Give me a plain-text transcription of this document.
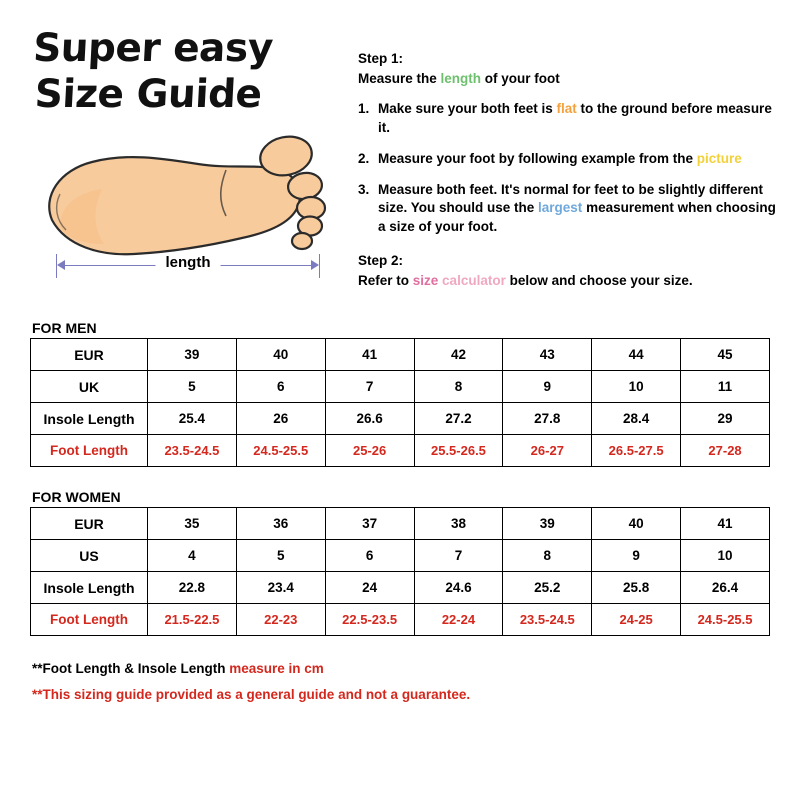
Super easy
Size Guide
length

Step 1:

Measure the length of your foot

1. Make sure your both feet is flat to the ground before measure it.
2. Measure your foot by following example from the picture
3. Measure both feet. It's normal for feet to be slightly different size. You should use the largest measurement when choosing a size of your foot.

Step 2:

Refer to size calculator below and choose your size.

FOR MEN
EUR	39	40	41	42	43	44	45
UK	5	6	7	8	9	10	11
Insole Length	25.4	26	26.6	27.2	27.8	28.4	29
Foot Length	23.5-24.5	24.5-25.5	25-26	25.5-26.5	26-27	26.5-27.5	27-28
FOR WOMEN
EUR	35	36	37	38	39	40	41
US	4	5	6	7	8	9	10
Insole Length	22.8	23.4	24	24.6	25.2	25.8	26.4
Foot Length	21.5-22.5	22-23	22.5-23.5	22-24	23.5-24.5	24-25	24.5-25.5
**Foot Length & Insole Length measure in cm
**This sizing guide provided as a general guide and not a guarantee.
